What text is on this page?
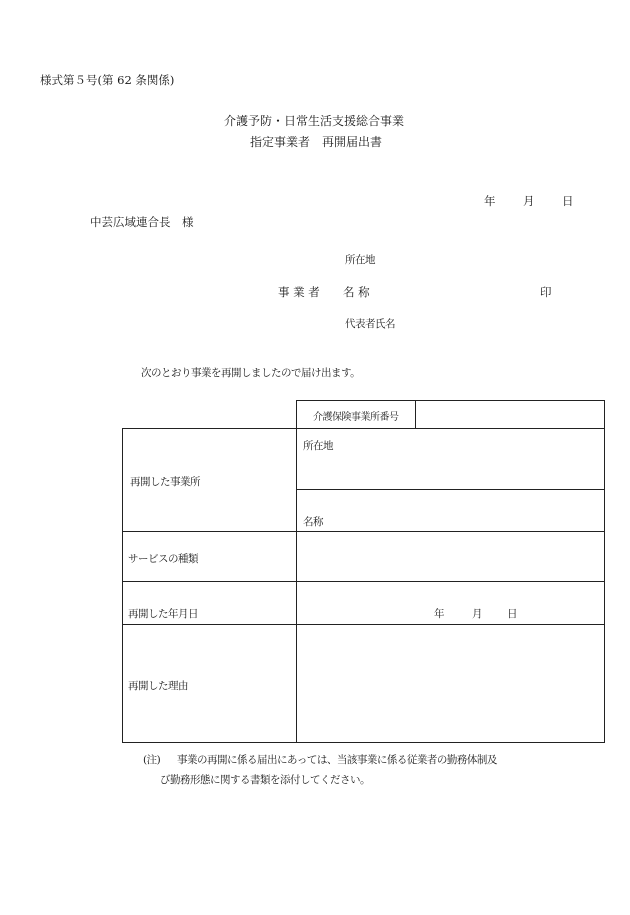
様式第５号(第 62 条関係)
介護予防・日常生活支援総合事業
指定事業者　再開届出書
年 月 日
中芸広域連合長　様
所在地
事 業 者 名 称	印
代表者氏名
次のとおり事業を再開しましたので届け出ます。
介護保険事業所番号
再開した事業所
所在地
名称
サービスの種類
再開した年月日	年	月 日
再開した理由
(注) 事業の再開に係る届出にあっては、当該事業に係る従業者の勤務体制及
び勤務形態に関する書類を添付してください。
